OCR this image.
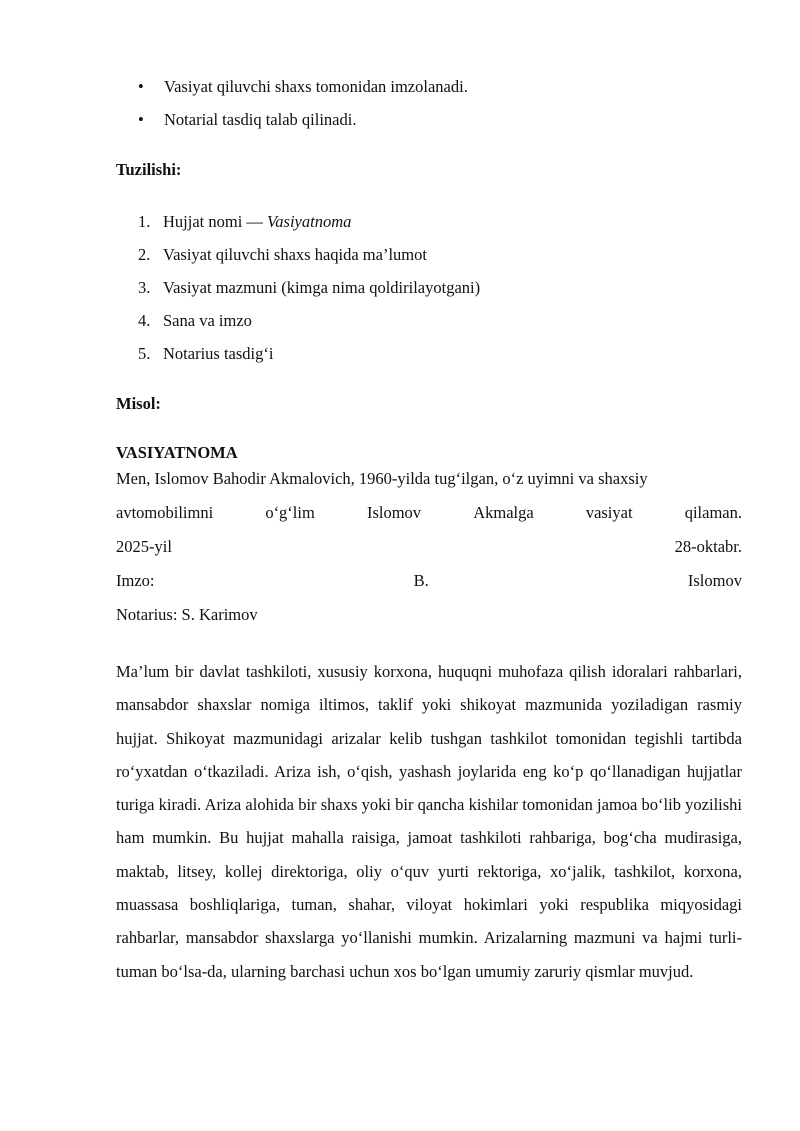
• Vasiyat qiluvchi shaxs tomonidan imzolanadi.
• Notarial tasdiq talab qilinadi.
Tuzilishi:
1. Hujjat nomi — Vasiyatnoma
2. Vasiyat qiluvchi shaxs haqida ma’lumot
3. Vasiyat mazmuni (kimga nima qoldirilayotgani)
4. Sana va imzo
5. Notarius tasdig‘i
Misol:
VASIYATNOMA
Men, Islomov Bahodir Akmalovich, 1960-yilda tug‘ilgan, o‘z uyimni va shaxsiy
avtomobilimni	o‘g‘lim	Islomov	Akmalga	vasiyat	qilaman.
2025-yil	28-oktabr.
Imzo:	B.	Islomov
Notarius: S. Karimov

Ma’lum bir davlat tashkiloti, xususiy korxona, huquqni muhofaza qilish idoralari rahbarlari, mansabdor shaxslar nomiga iltimos, taklif yoki shikoyat mazmunida yoziladigan rasmiy hujjat. Shikoyat mazmunidagi arizalar kelib tushgan tashkilot tomonidan tegishli tartibda ro‘yxatdan o‘tkaziladi. Ariza ish, o‘qish, yashash joylarida eng ko‘p qo‘llanadigan hujjatlar turiga kiradi. Ariza alohida bir shaxs yoki bir qancha kishilar tomonidan jamoa bo‘lib yozilishi ham mumkin. Bu hujjat mahalla raisiga, jamoat tashkiloti rahbariga, bog‘cha mudirasiga, maktab, litsey, kollej direktoriga, oliy o‘quv yurti rektoriga, xo‘jalik, tashkilot, korxona, muassasa boshliqlariga, tuman, shahar, viloyat hokimlari yoki respublika miqyosidagi rahbarlar, mansabdor shaxslarga yo‘llanishi mumkin. Arizalarning mazmuni va hajmi turli-tuman bo‘lsa-da, ularning barchasi uchun xos bo‘lgan umumiy zaruriy qismlar muvjud.
